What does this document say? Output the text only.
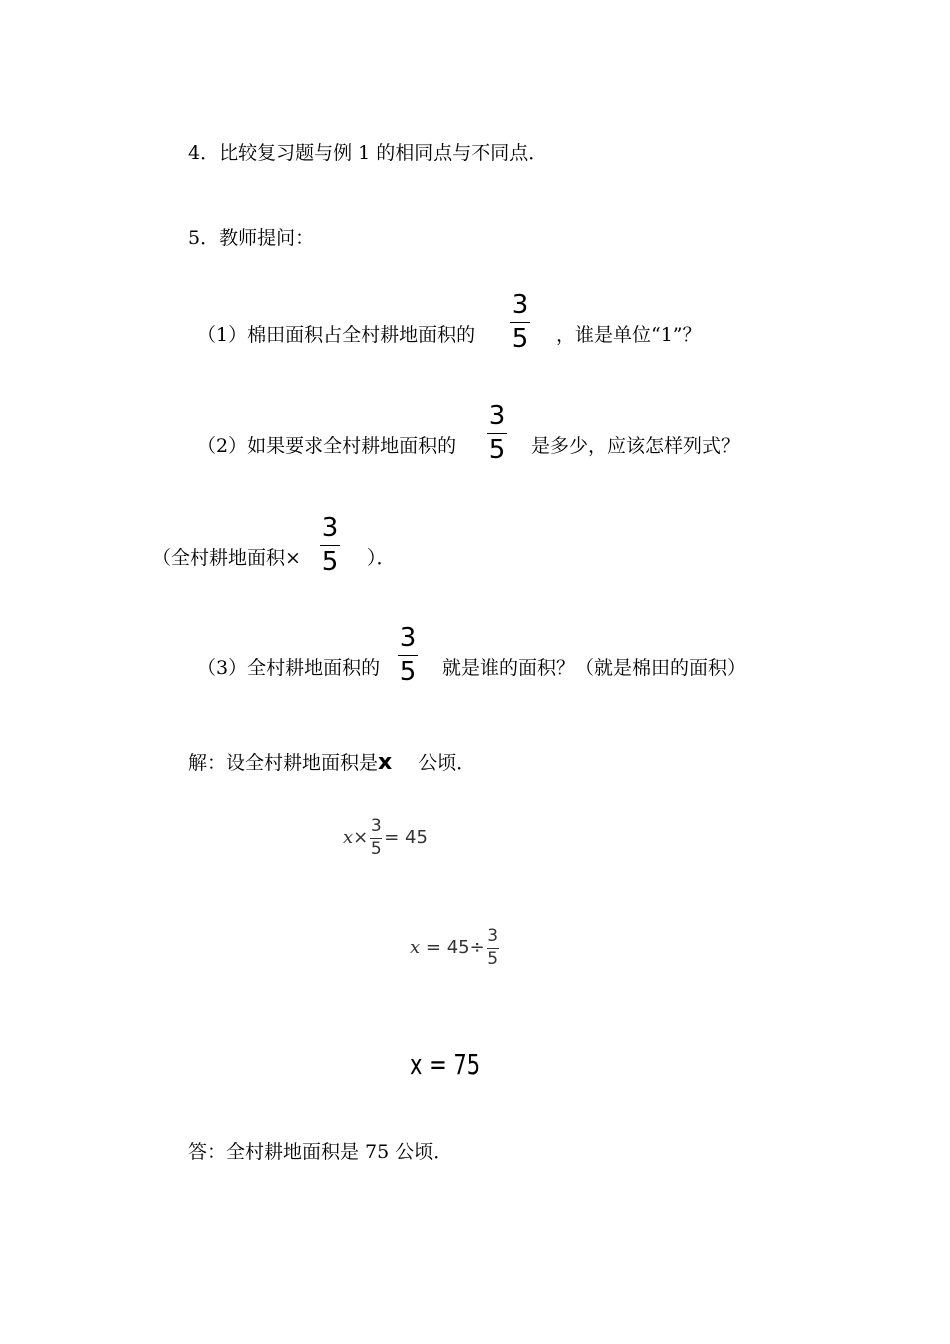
4．比较复习题与例 1 的相同点与不同点．
5．教师提问：
（1）棉田面积占全村耕地面积的
3
5 ，谁是单位“1”？
（2）如果要求全村耕地面积的
3
5 是多少，应该怎样列式？
（全村耕地面积×
3
5 ）．
（3）全村耕地面积的
3
5 就是谁的面积？（就是棉田的面积）
解：设全村耕地面积是x 公顷．
$x\times \frac{3}{5} = 45$
$x = 45\div \frac{3}{5}$
x = 75
答：全村耕地面积是 75 公顷．
